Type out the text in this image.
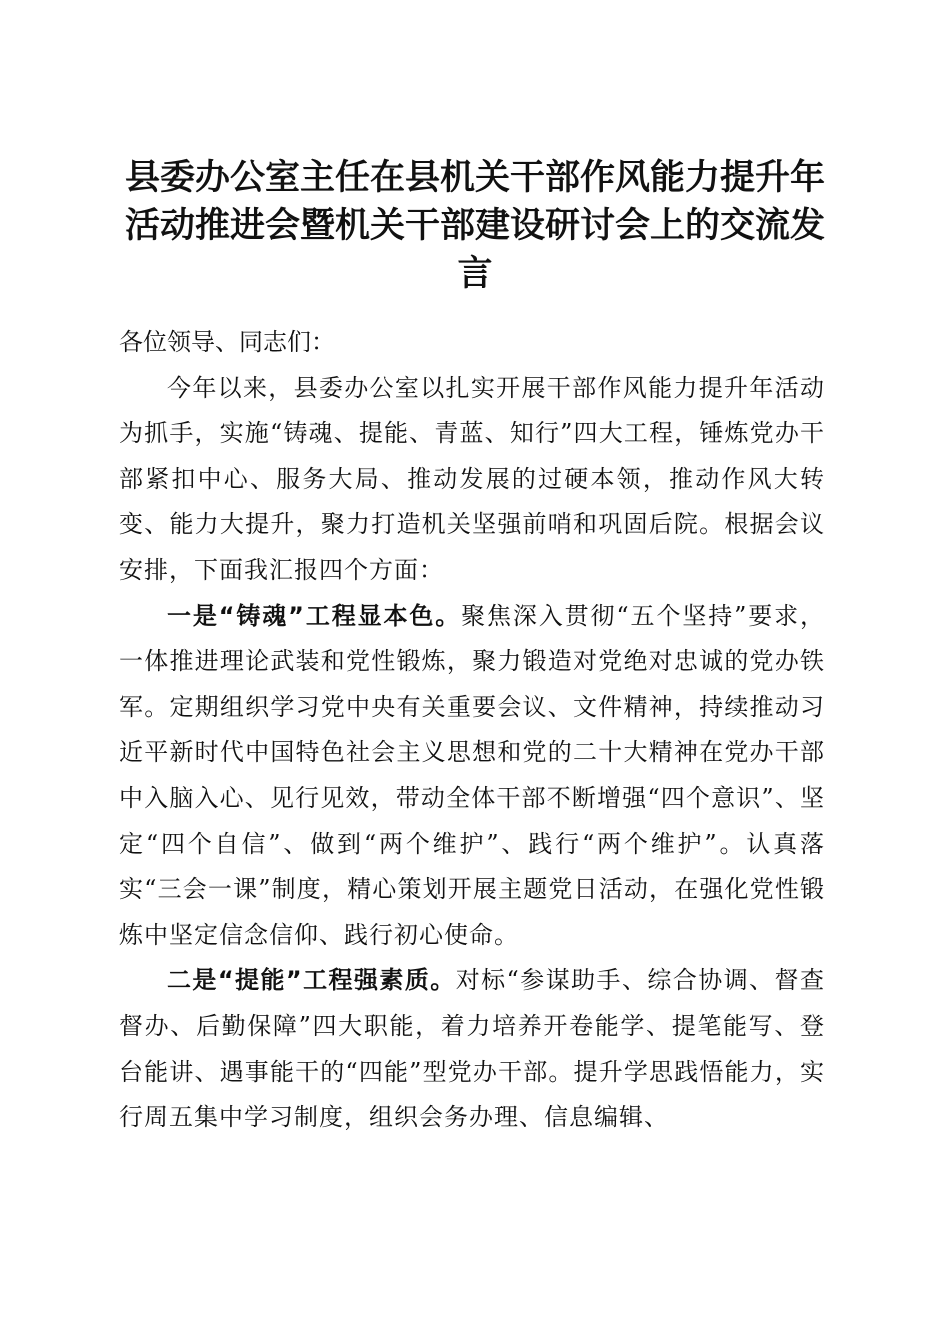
县委办公室主任在县机关干部作风能力提升年活动推进会暨机关干部建设研讨会上的交流发言

各位领导、同志们：

今年以来，县委办公室以扎实开展干部作风能力提升年活动为抓手，实施“铸魂、提能、青蓝、知行”四大工程，锤炼党办干部紧扣中心、服务大局、推动发展的过硬本领，推动作风大转变、能力大提升，聚力打造机关坚强前哨和巩固后院。根据会议安排，下面我汇报四个方面：

一是“铸魂”工程显本色。聚焦深入贯彻“五个坚持”要求，一体推进理论武装和党性锻炼，聚力锻造对党绝对忠诚的党办铁军。定期组织学习党中央有关重要会议、文件精神，持续推动习近平新时代中国特色社会主义思想和党的二十大精神在党办干部中入脑入心、见行见效，带动全体干部不断增强“四个意识”、坚定“四个自信”、做到“两个维护”、践行“两个维护”。认真落实“三会一课”制度，精心策划开展主题党日活动，在强化党性锻炼中坚定信念信仰、践行初心使命。

二是“提能”工程强素质。对标“参谋助手、综合协调、督查督办、后勤保障”四大职能，着力培养开卷能学、提笔能写、登台能讲、遇事能干的“四能”型党办干部。提升学思践悟能力，实行周五集中学习制度，组织会务办理、信息编辑、
